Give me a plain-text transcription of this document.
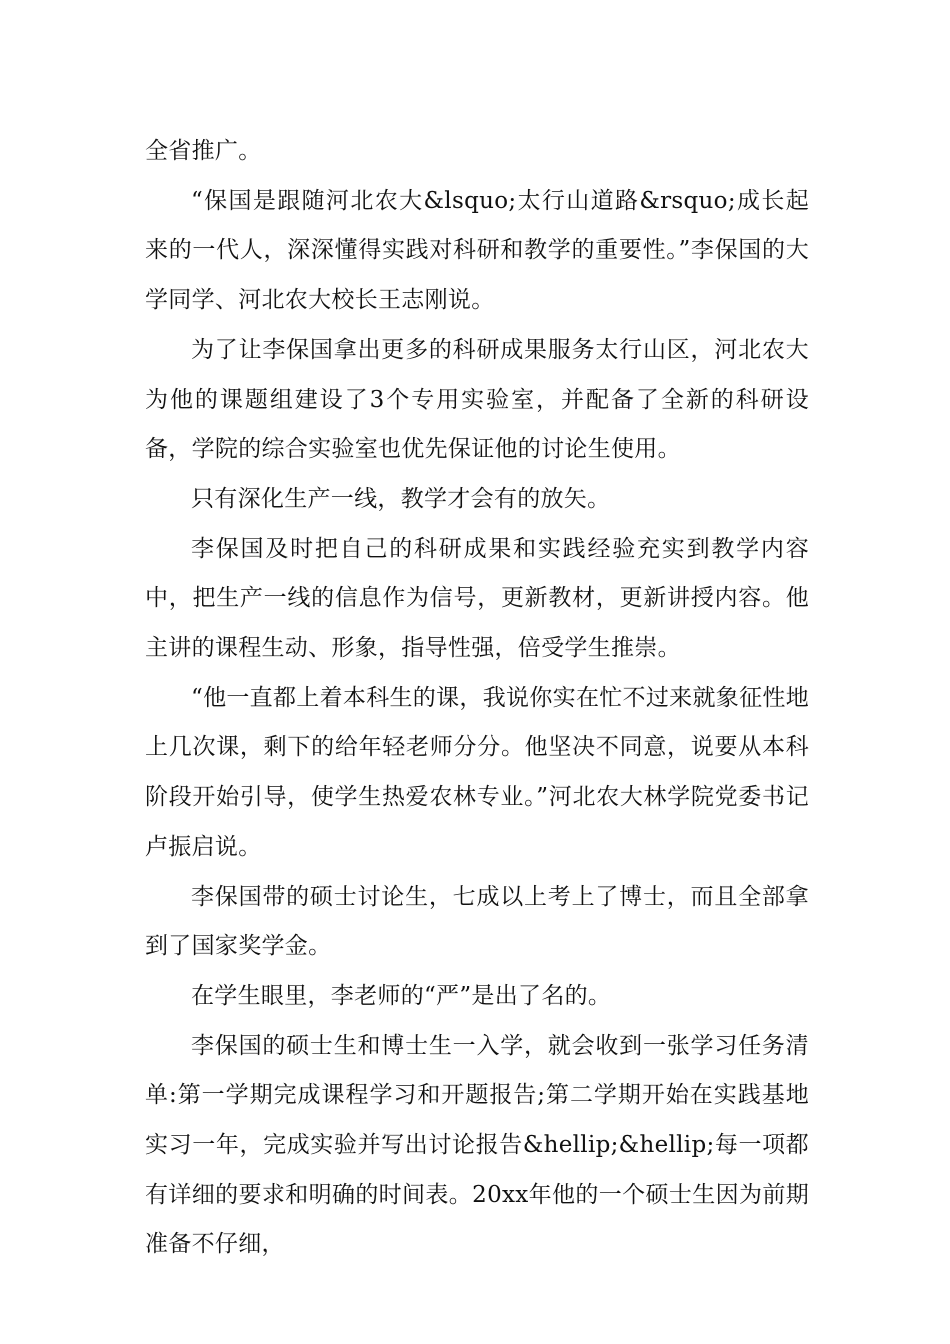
全省推广。

“保国是跟随河北农大&lsquo;太行山道路&rsquo;成长起来的一代人，深深懂得实践对科研和教学的重要性。”李保国的大学同学、河北农大校长王志刚说。

为了让李保国拿出更多的科研成果服务太行山区，河北农大为他的课题组建设了3个专用实验室，并配备了全新的科研设备，学院的综合实验室也优先保证他的讨论生使用。

只有深化生产一线，教学才会有的放矢。

李保国及时把自己的科研成果和实践经验充实到教学内容中，把生产一线的信息作为信号，更新教材，更新讲授内容。他主讲的课程生动、形象，指导性强，倍受学生推崇。

“他一直都上着本科生的课，我说你实在忙不过来就象征性地上几次课，剩下的给年轻老师分分。他坚决不同意，说要从本科阶段开始引导，使学生热爱农林专业。”河北农大林学院党委书记卢振启说。

李保国带的硕士讨论生，七成以上考上了博士，而且全部拿到了国家奖学金。

在学生眼里，李老师的“严”是出了名的。

李保国的硕士生和博士生一入学，就会收到一张学习任务清单:第一学期完成课程学习和开题报告;第二学期开始在实践基地实习一年，完成实验并写出讨论报告&hellip;&hellip;每一项都有详细的要求和明确的时间表。20xx年他的一个硕士生因为前期准备不仔细，
